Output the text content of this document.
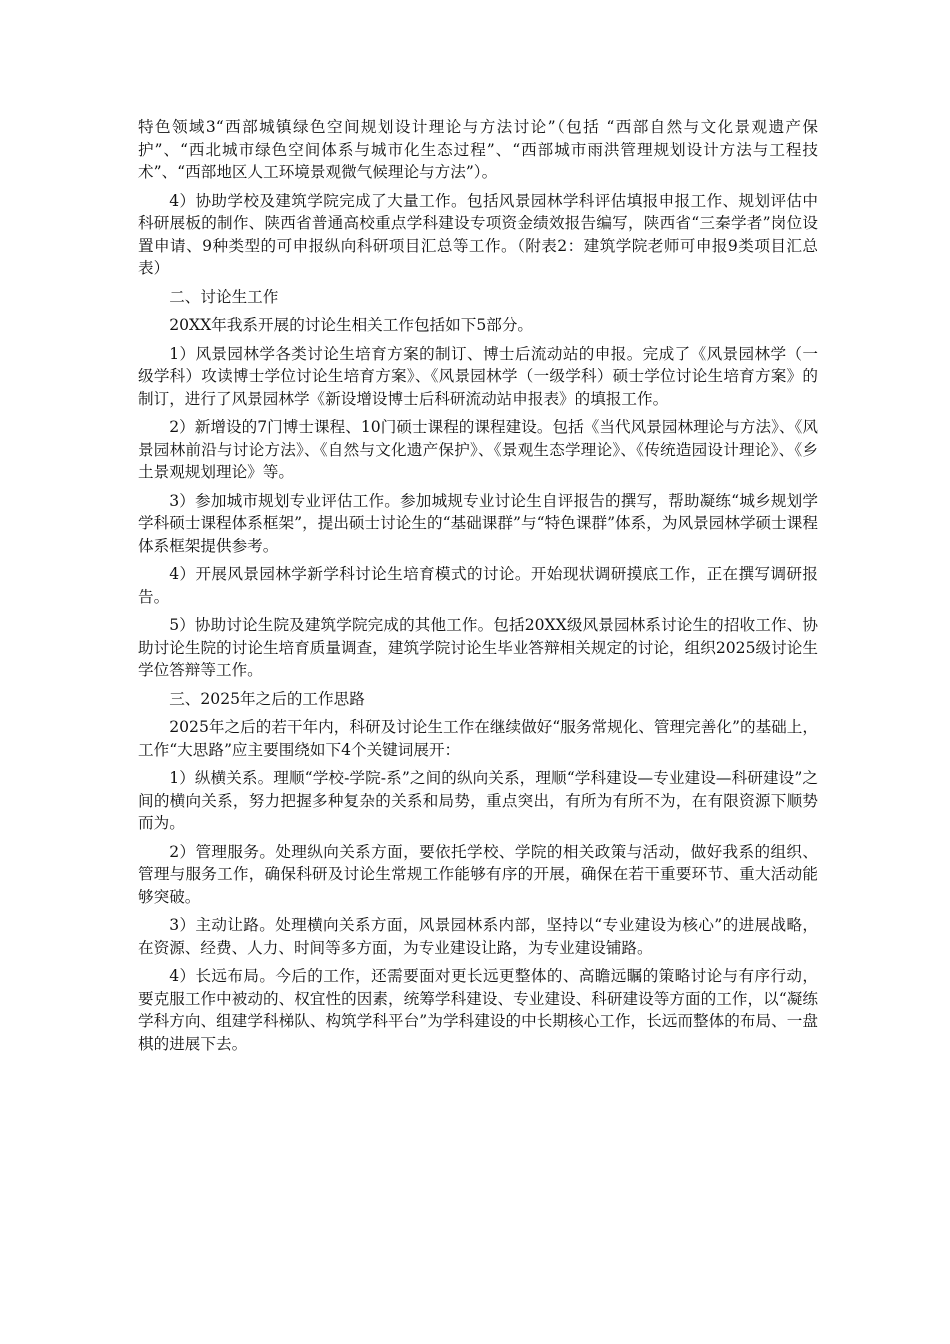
特色领域3“西部城镇绿色空间规划设计理论与方法讨论”（包括 “西部自然与文化景观遗产保护”、“西北城市绿色空间体系与城市化生态过程”、“西部城市雨洪管理规划设计方法与工程技术”、“西部地区人工环境景观微气候理论与方法”）。

4）协助学校及建筑学院完成了大量工作。包括风景园林学科评估填报申报工作、规划评估中科研展板的制作、陕西省普通高校重点学科建设专项资金绩效报告编写，陕西省“三秦学者”岗位设置申请、9种类型的可申报纵向科研项目汇总等工作。（附表2：建筑学院老师可申报9类项目汇总表）

二、讨论生工作

20XX年我系开展的讨论生相关工作包括如下5部分。

1）风景园林学各类讨论生培育方案的制订、博士后流动站的申报。完成了《风景园林学（一级学科）攻读博士学位讨论生培育方案》、《风景园林学（一级学科）硕士学位讨论生培育方案》的制订，进行了风景园林学《新设增设博士后科研流动站申报表》的填报工作。

2）新增设的7门博士课程、10门硕士课程的课程建设。包括《当代风景园林理论与方法》、《风景园林前沿与讨论方法》、《自然与文化遗产保护》、《景观生态学理论》、《传统造园设计理论》、《乡土景观规划理论》等。

3）参加城市规划专业评估工作。参加城规专业讨论生自评报告的撰写，帮助凝练“城乡规划学学科硕士课程体系框架”，提出硕士讨论生的“基础课群”与“特色课群”体系，为风景园林学硕士课程体系框架提供参考。

4）开展风景园林学新学科讨论生培育模式的讨论。开始现状调研摸底工作，正在撰写调研报告。

5）协助讨论生院及建筑学院完成的其他工作。包括20XX级风景园林系讨论生的招收工作、协助讨论生院的讨论生培育质量调查，建筑学院讨论生毕业答辩相关规定的讨论，组织2025级讨论生学位答辩等工作。

三、2025年之后的工作思路

2025年之后的若干年内，科研及讨论生工作在继续做好“服务常规化、管理完善化”的基础上，工作“大思路”应主要围绕如下4个关键词展开：

1）纵横关系。理顺“学校-学院-系”之间的纵向关系，理顺“学科建设—专业建设—科研建设”之间的横向关系，努力把握多种复杂的关系和局势，重点突出，有所为有所不为，在有限资源下顺势而为。

2）管理服务。处理纵向关系方面，要依托学校、学院的相关政策与活动，做好我系的组织、管理与服务工作，确保科研及讨论生常规工作能够有序的开展，确保在若干重要环节、重大活动能够突破。

3）主动让路。处理横向关系方面，风景园林系内部，坚持以“专业建设为核心”的进展战略，在资源、经费、人力、时间等多方面，为专业建设让路，为专业建设铺路。

4）长远布局。今后的工作，还需要面对更长远更整体的、高瞻远瞩的策略讨论与有序行动，要克服工作中被动的、权宜性的因素，统筹学科建设、专业建设、科研建设等方面的工作，以“凝练学科方向、组建学科梯队、构筑学科平台”为学科建设的中长期核心工作，长远而整体的布局、一盘棋的进展下去。
